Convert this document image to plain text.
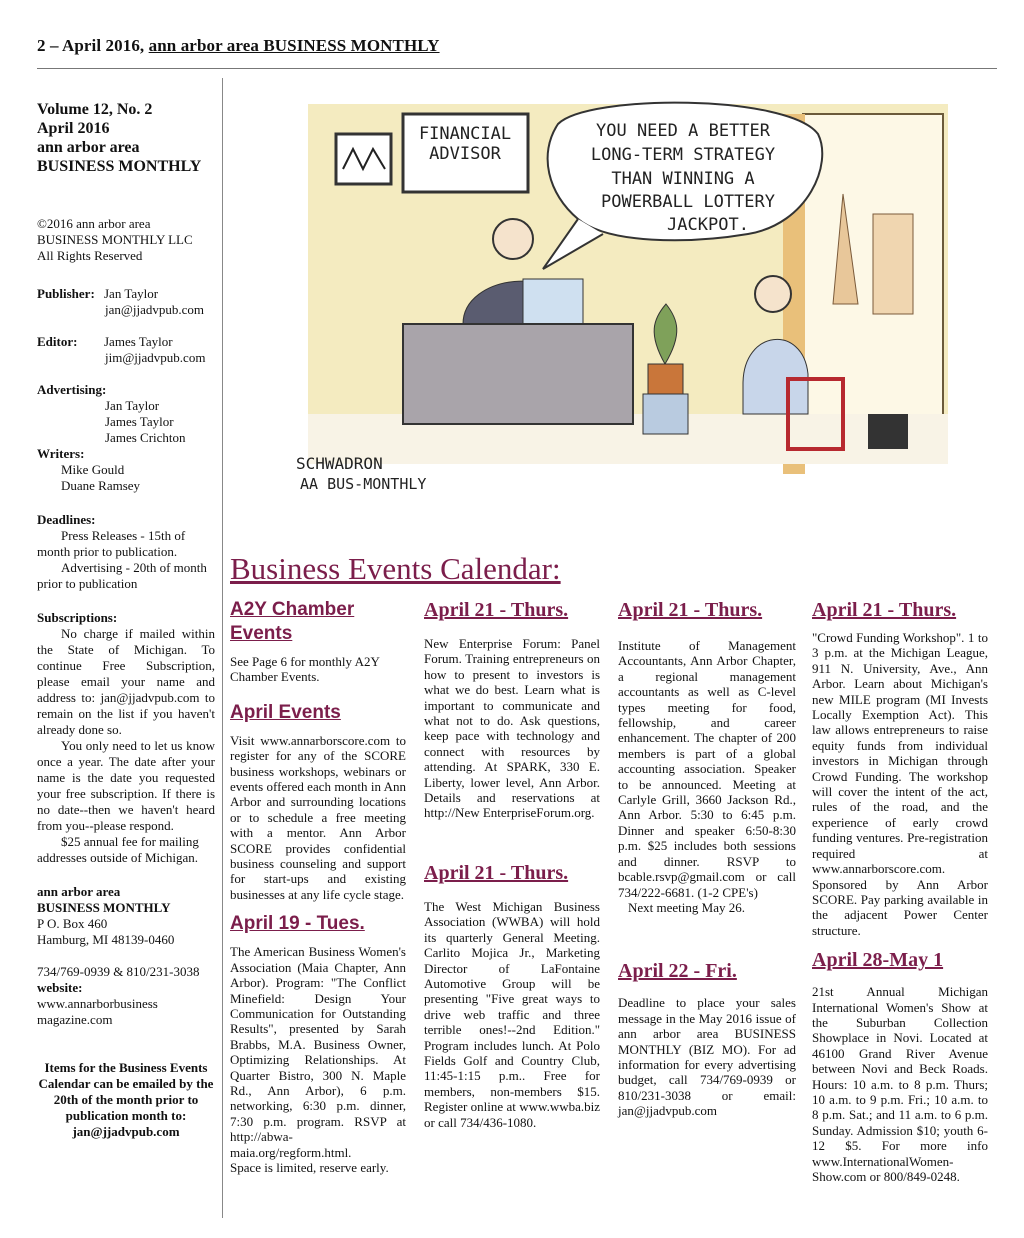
2 – April 2016, ann arbor area BUSINESS MONTHLY
Volume 12, No. 2
April 2016
ann arbor area
BUSINESS MONTHLY
©2016 ann arbor area
BUSINESS MONTHLY LLC
All Rights Reserved
Publisher: Jan Taylor
jan@jjadvpub.com
Editor:	James Taylor
jim@jjadvpub.com
Advertising:
Jan Taylor
James Taylor
James Crichton
Writers:
Mike Gould
Duane Ramsey
Deadlines:
Press Releases - 15th of month prior to publication.
Advertising - 20th of month prior to publication
Subscriptions:
No charge if mailed within the State of Michigan. To continue Free Subscription, please email your name and address to: jan@jjadvpub.com to remain on the list if you haven't already done so.
You only need to let us know once a year. The date after your name is the date you requested your free subscription. If there is no date--then we haven't heard from you--please respond.
$25 annual fee for mailing addresses outside of Michigan.
ann arbor area
BUSINESS MONTHLY
P O. Box 460
Hamburg, MI 48139-0460
734/769-0939 & 810/231-3038
website:
www.annarborbusiness
magazine.com
Items for the Business Events Calendar can be emailed by the 20th of the month prior to publication month to: jan@jjadvpub.com
FINANCIAL
ADVISOR
YOU NEED A BETTER
LONG-TERM STRATEGY
THAN WINNING A
POWERBALL LOTTERY
JACKPOT.
SCHWADRON
AA BUS-MONTHLY
Business Events Calendar:
A2Y Chamber Events

See Page 6 for monthly A2Y Chamber Events.

April Events

Visit www.annarborscore.com to register for any of the SCORE business workshops, webinars or events offered each month in Ann Arbor and surrounding locations or to schedule a free meeting with a mentor. Ann Arbor SCORE provides confidential business counseling and support for start-ups and existing businesses at any life cycle stage.

April 19 - Tues.

The American Business Women's Association (Maia Chapter, Ann Arbor). Program: "The Conflict Minefield: Design Your Communication for Outstanding Results", presented by Sarah Brabbs, M.A. Business Owner, Optimizing Relationships. At Quarter Bistro, 300 N. Maple Rd., Ann Arbor), 6 p.m. networking, 6:30 p.m. dinner, 7:30 p.m. program. RSVP at http://abwa-maia.org/regform.html.

Space is limited, reserve early.

April 21 - Thurs.

New Enterprise Forum: Panel Forum. Training entrepreneurs on how to present to investors is what we do best. Learn what is important to communicate and what not to do. Ask questions, keep pace with technology and connect with resources by attending. At SPARK, 330 E. Liberty, lower level, Ann Arbor. Details and reservations at http://New EnterpriseForum.org.

April 21 - Thurs.

The West Michigan Business Association (WWBA) will hold its quarterly General Meeting. Carlito Mojica Jr., Marketing Director of LaFontaine Automotive Group will be presenting "Five great ways to drive web traffic and three terrible ones!--2nd Edition." Program includes lunch. At Polo Fields Golf and Country Club, 11:45-1:15 p.m.. Free for members, non-members $15. Register online at www.wwba.biz or call 734/436-1080.

April 21 - Thurs.

Institute of Management Accountants, Ann Arbor Chapter, a regional management accountants as well as C-level types meeting for food, fellowship, and career enhancement. The chapter of 200 members is part of a global accounting association. Speaker to be announced. Meeting at Carlyle Grill, 3660 Jackson Rd., Ann Arbor. 5:30 to 6:45 p.m. Dinner and speaker 6:50-8:30 p.m. $25 includes both sessions and dinner. RSVP to bcable.rsvp@gmail.com or call 734/222-6681. (1-2 CPE's)

Next meeting May 26.

April 22 - Fri.

Deadline to place your sales message in the May 2016 issue of ann arbor area BUSINESS MONTHLY (BIZ MO). For ad information for every advertising budget, call 734/769-0939 or 810/231-3038 or email: jan@jjadvpub.com

April 21 - Thurs.

"Crowd Funding Workshop". 1 to 3 p.m. at the Michigan League, 911 N. University, Ave., Ann Arbor. Learn about Michigan's new MILE program (MI Invests Locally Exemption Act). This law allows entrepreneurs to raise equity funds from individual investors in Michigan through Crowd Funding. The workshop will cover the intent of the act, rules of the road, and the experience of early crowd funding ventures. Pre-registration required at www.annarborscore.com. Sponsored by Ann Arbor SCORE. Pay parking available in the adjacent Power Center structure.

April 28-May 1

21st Annual Michigan International Women's Show at the Suburban Collection Showplace in Novi. Located at 46100 Grand River Avenue between Novi and Beck Roads. Hours: 10 a.m. to 8 p.m. Thurs; 10 a.m. to 9 p.m. Fri.; 10 a.m. to 8 p.m. Sat.; and 11 a.m. to 6 p.m. Sunday. Admission $10; youth 6-12 $5. For more info www.InternationalWomen-Show.com or 800/849-0248.
